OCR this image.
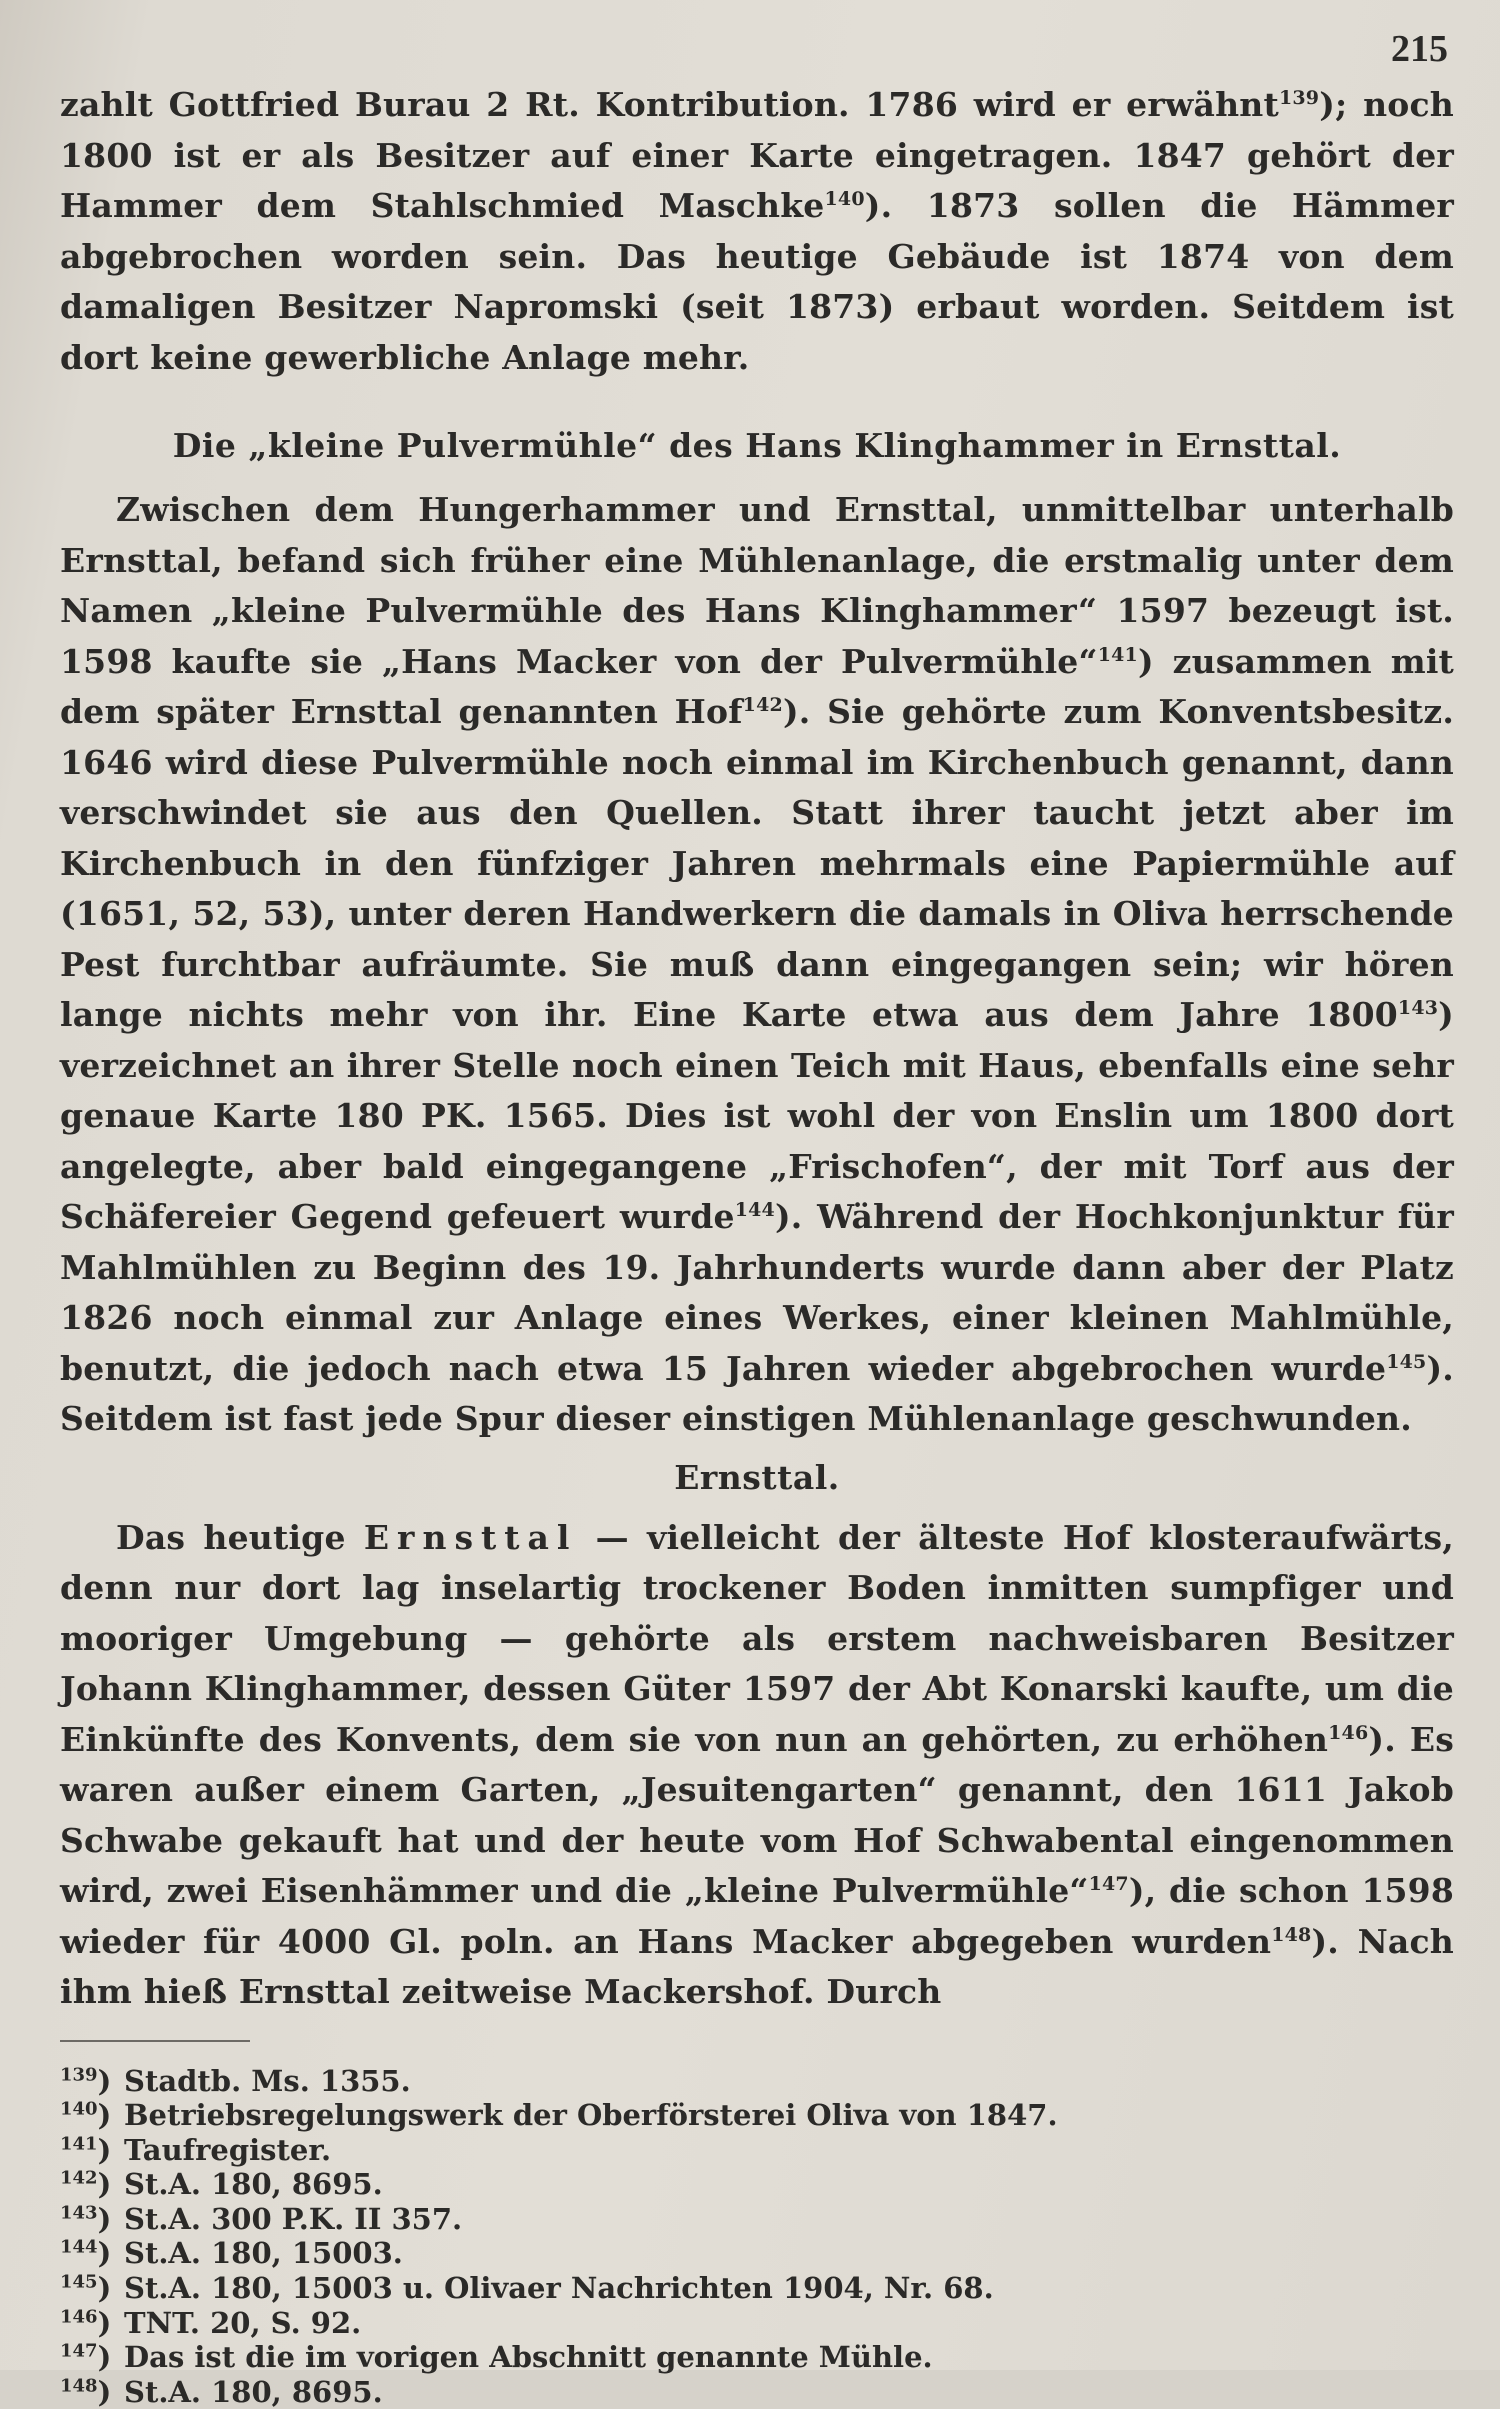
215

zahlt Gottfried Burau 2 Rt. Kontribution. 1786 wird er erwähnt$^{139}$); noch 1800 ist er als Besitzer auf einer Karte eingetragen. 1847 gehört der Hammer dem Stahlschmied Maschke$^{140}$). 1873 sollen die Hämmer abgebrochen worden sein. Das heutige Gebäude ist 1874 von dem damaligen Besitzer Napromski (seit 1873) erbaut worden. Seitdem ist dort keine gewerbliche Anlage mehr.

Die „kleine Pulvermühle“ des Hans Klinghammer in Ernsttal.

Zwischen dem Hungerhammer und Ernsttal, unmittelbar unterhalb Ernsttal, befand sich früher eine Mühlenanlage, die erstmalig unter dem Namen „kleine Pulvermühle des Hans Klinghammer“ 1597 bezeugt ist. 1598 kaufte sie „Hans Macker von der Pulvermühle“$^{141}$) zusammen mit dem später Ernsttal genannten Hof$^{142}$). Sie gehörte zum Konventsbesitz. 1646 wird diese Pulvermühle noch einmal im Kirchenbuch genannt, dann verschwindet sie aus den Quellen. Statt ihrer taucht jetzt aber im Kirchenbuch in den fünfziger Jahren mehrmals eine Papiermühle auf (1651, 52, 53), unter deren Handwerkern die damals in Oliva herrschende Pest furchtbar aufräumte. Sie muß dann eingegangen sein; wir hören lange nichts mehr von ihr. Eine Karte etwa aus dem Jahre 1800$^{143}$) verzeichnet an ihrer Stelle noch einen Teich mit Haus, ebenfalls eine sehr genaue Karte 180 PK. 1565. Dies ist wohl der von Enslin um 1800 dort angelegte, aber bald eingegangene „Frischofen“, der mit Torf aus der Schäfereier Gegend gefeuert wurde$^{144}$). Während der Hochkonjunktur für Mahlmühlen zu Beginn des 19. Jahrhunderts wurde dann aber der Platz 1826 noch einmal zur Anlage eines Werkes, einer kleinen Mahlmühle, benutzt, die jedoch nach etwa 15 Jahren wieder abgebrochen wurde$^{145}$). Seitdem ist fast jede Spur dieser einstigen Mühlenanlage geschwunden.

Ernsttal.

Das heutige Ernsttal — vielleicht der älteste Hof klosteraufwärts, denn nur dort lag inselartig trockener Boden inmitten sumpfiger und mooriger Umgebung — gehörte als erstem nachweisbaren Besitzer Johann Klinghammer, dessen Güter 1597 der Abt Konarski kaufte, um die Einkünfte des Konvents, dem sie von nun an gehörten, zu erhöhen$^{146}$). Es waren außer einem Garten, „Jesuitengarten“ genannt, den 1611 Jakob Schwabe gekauft hat und der heute vom Hof Schwabental eingenommen wird, zwei Eisenhämmer und die „kleine Pulvermühle“$^{147}$), die schon 1598 wieder für 4000 Gl. poln. an Hans Macker abgegeben wurden$^{148}$). Nach ihm hieß Ernsttal zeitweise Mackershof. Durch

$^{139}$) Stadtb. Ms. 1355.
$^{140}$) Betriebsregelungswerk der Oberförsterei Oliva von 1847.
$^{141}$) Taufregister.
$^{142}$) St.A. 180, 8695.
$^{143}$) St.A. 300 P.K. II 357.
$^{144}$) St.A. 180, 15003.
$^{145}$) St.A. 180, 15003 u. Olivaer Nachrichten 1904, Nr. 68.
$^{146}$) TNT. 20, S. 92.
$^{147}$) Das ist die im vorigen Abschnitt genannte Mühle.
$^{148}$) St.A. 180, 8695.
